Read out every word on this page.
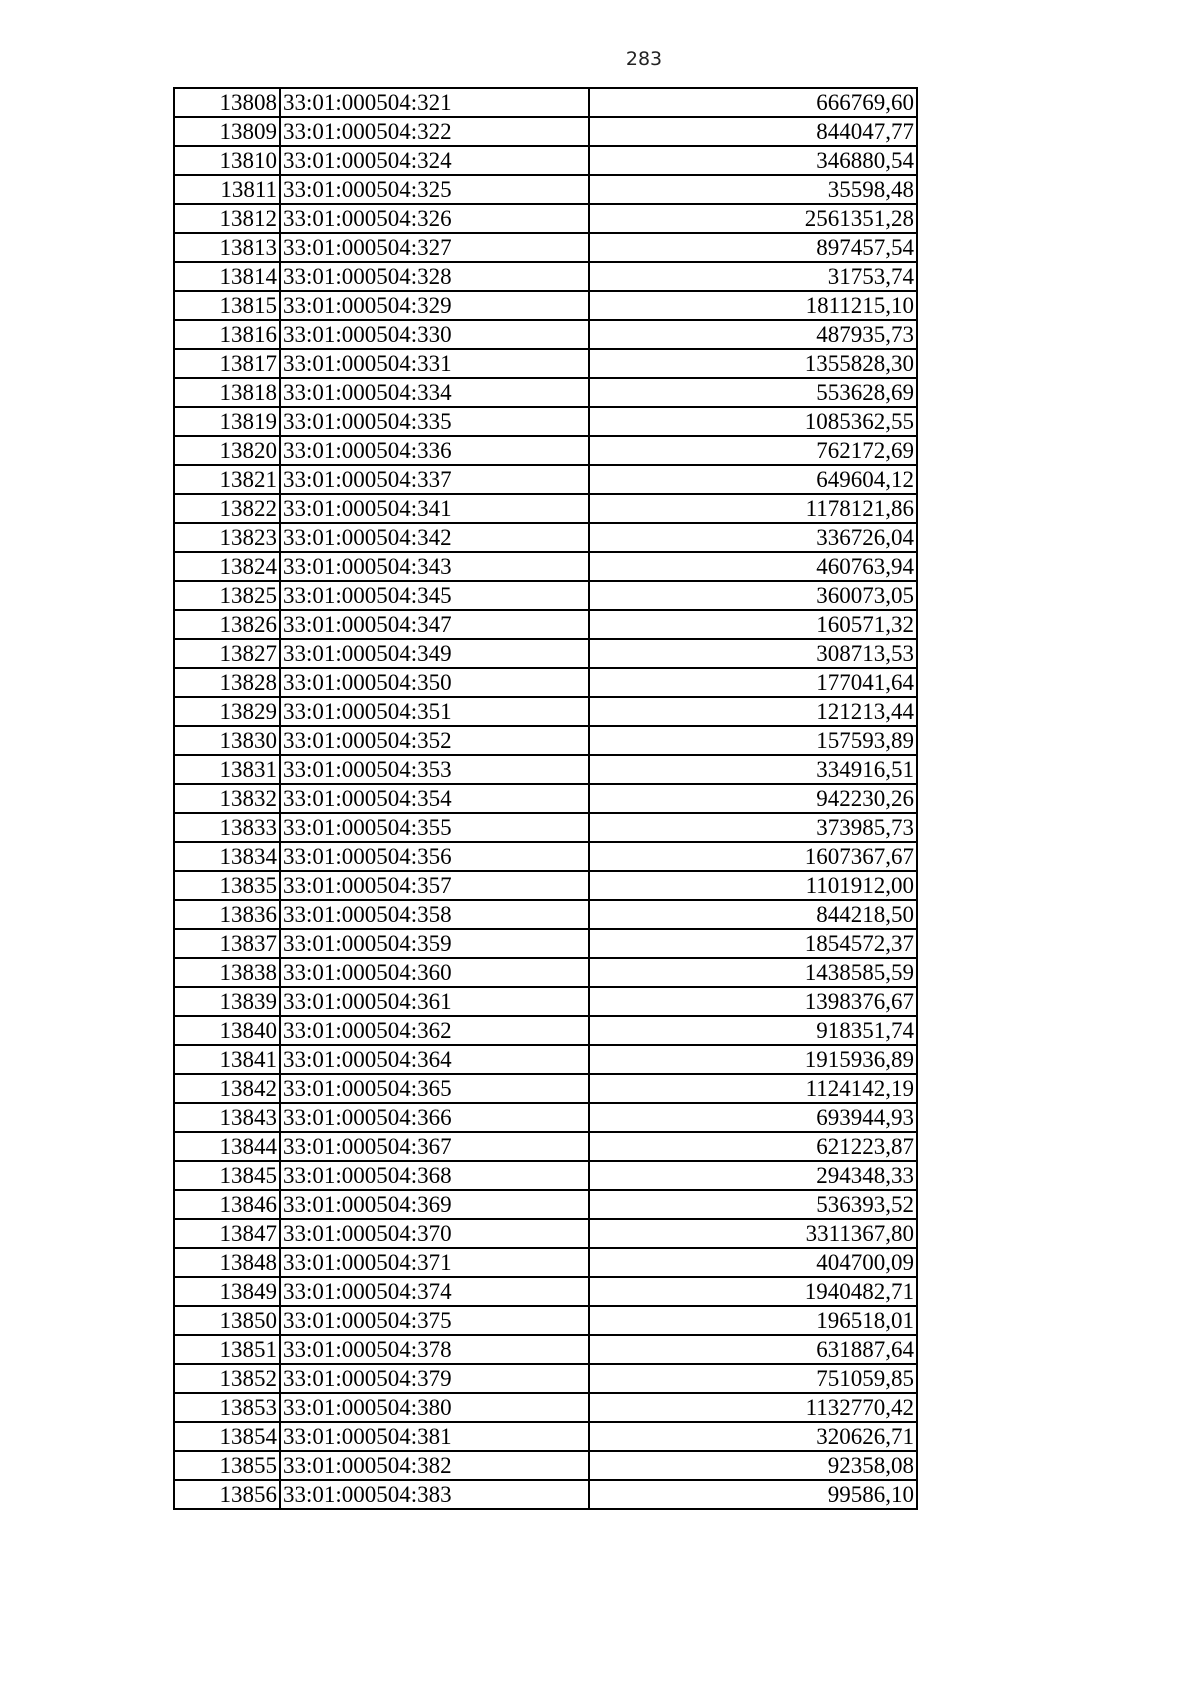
283
13808	33:01:000504:321	666769,60
13809	33:01:000504:322	844047,77
13810	33:01:000504:324	346880,54
13811	33:01:000504:325	35598,48
13812	33:01:000504:326	2561351,28
13813	33:01:000504:327	897457,54
13814	33:01:000504:328	31753,74
13815	33:01:000504:329	1811215,10
13816	33:01:000504:330	487935,73
13817	33:01:000504:331	1355828,30
13818	33:01:000504:334	553628,69
13819	33:01:000504:335	1085362,55
13820	33:01:000504:336	762172,69
13821	33:01:000504:337	649604,12
13822	33:01:000504:341	1178121,86
13823	33:01:000504:342	336726,04
13824	33:01:000504:343	460763,94
13825	33:01:000504:345	360073,05
13826	33:01:000504:347	160571,32
13827	33:01:000504:349	308713,53
13828	33:01:000504:350	177041,64
13829	33:01:000504:351	121213,44
13830	33:01:000504:352	157593,89
13831	33:01:000504:353	334916,51
13832	33:01:000504:354	942230,26
13833	33:01:000504:355	373985,73
13834	33:01:000504:356	1607367,67
13835	33:01:000504:357	1101912,00
13836	33:01:000504:358	844218,50
13837	33:01:000504:359	1854572,37
13838	33:01:000504:360	1438585,59
13839	33:01:000504:361	1398376,67
13840	33:01:000504:362	918351,74
13841	33:01:000504:364	1915936,89
13842	33:01:000504:365	1124142,19
13843	33:01:000504:366	693944,93
13844	33:01:000504:367	621223,87
13845	33:01:000504:368	294348,33
13846	33:01:000504:369	536393,52
13847	33:01:000504:370	3311367,80
13848	33:01:000504:371	404700,09
13849	33:01:000504:374	1940482,71
13850	33:01:000504:375	196518,01
13851	33:01:000504:378	631887,64
13852	33:01:000504:379	751059,85
13853	33:01:000504:380	1132770,42
13854	33:01:000504:381	320626,71
13855	33:01:000504:382	92358,08
13856	33:01:000504:383	99586,10
